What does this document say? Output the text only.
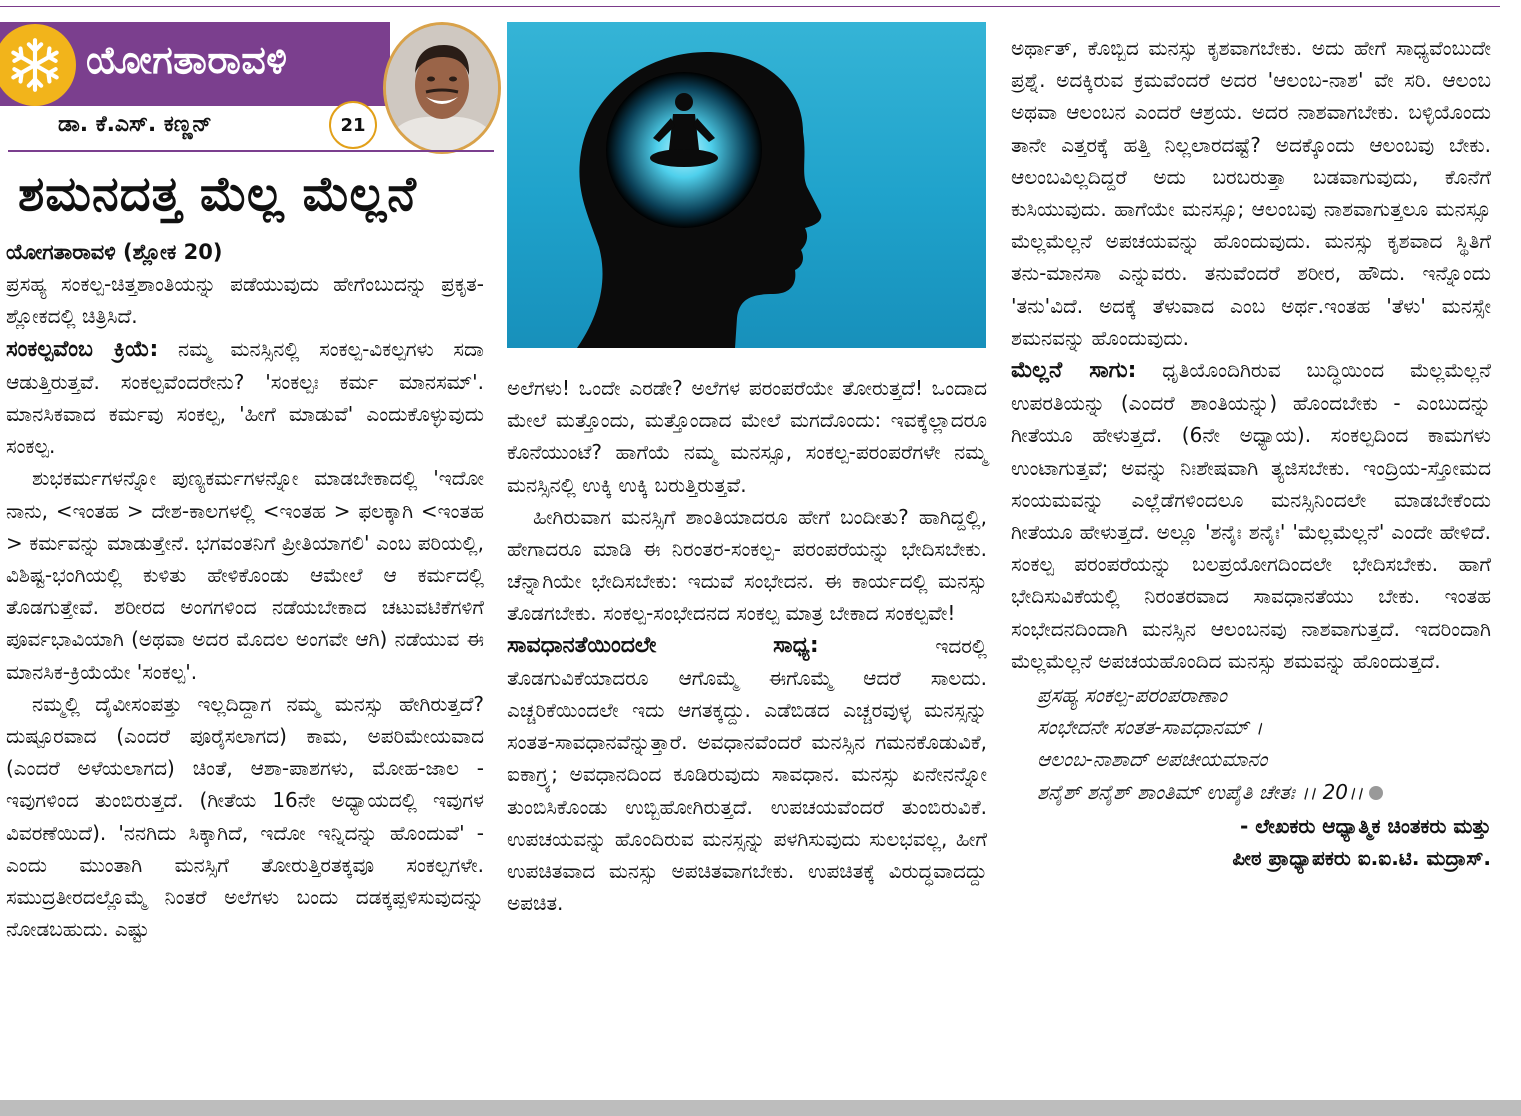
ಯೋಗತಾರಾವಳಿ
ಡಾ. ಕೆ.ಎಸ್. ಕಣ್ಣನ್	21
ಶಮನದತ್ತ ಮೆಲ್ಲ ಮೆಲ್ಲನೆ

ಯೋಗತಾರಾವಳಿ (ಶ್ಲೋಕ 20)

ಪ್ರಸಹ್ಯ ಸಂಕಲ್ಪ-ಚಿತ್ತಶಾಂತಿಯನ್ನು ಪಡೆಯುವುದು ಹೇಗೆಂಬುದನ್ನು ಪ್ರಕೃತ-ಶ್ಲೋಕದಲ್ಲಿ ಚಿತ್ರಿಸಿದೆ.

ಸಂಕಲ್ಪವೆಂಬ ಕ್ರಿಯೆ: ನಮ್ಮ ಮನಸ್ಸಿನಲ್ಲಿ ಸಂಕಲ್ಪ-ವಿಕಲ್ಪಗಳು ಸದಾ ಆಡುತ್ತಿರುತ್ತವೆ. ಸಂಕಲ್ಪವೆಂದರೇನು? 'ಸಂಕಲ್ಪಃ ಕರ್ಮ ಮಾನಸಮ್'. ಮಾನಸಿಕವಾದ ಕರ್ಮವು ಸಂಕಲ್ಪ, 'ಹೀಗೆ ಮಾಡುವೆ' ಎಂದುಕೊಳ್ಳುವುದು ಸಂಕಲ್ಪ.

ಶುಭಕರ್ಮಗಳನ್ನೋ ಪುಣ್ಯಕರ್ಮಗಳನ್ನೋ ಮಾಡಬೇಕಾದಲ್ಲಿ 'ಇದೋ ನಾನು, <ಇಂತಹ > ದೇಶ-ಕಾಲಗಳಲ್ಲಿ <ಇಂತಹ > ಫಲಕ್ಕಾಗಿ <ಇಂತಹ > ಕರ್ಮವನ್ನು ಮಾಡುತ್ತೇನೆ. ಭಗವಂತನಿಗೆ ಪ್ರೀತಿಯಾಗಲಿ' ಎಂಬ ಪರಿಯಲ್ಲಿ, ವಿಶಿಷ್ಟ-ಭಂಗಿಯಲ್ಲಿ ಕುಳಿತು ಹೇಳಿಕೊಂಡು ಆಮೇಲೆ ಆ ಕರ್ಮದಲ್ಲಿ ತೊಡಗುತ್ತೇವೆ. ಶರೀರದ ಅಂಗಗಳಿಂದ ನಡೆಯಬೇಕಾದ ಚಟುವಟಿಕೆಗಳಿಗೆ ಪೂರ್ವಭಾವಿಯಾಗಿ (ಅಥವಾ ಅದರ ಮೊದಲ ಅಂಗವೇ ಆಗಿ) ನಡೆಯುವ ಈ ಮಾನಸಿಕ-ಕ್ರಿಯೆಯೇ 'ಸಂಕಲ್ಪ'.

ನಮ್ಮಲ್ಲಿ ದೈವೀಸಂಪತ್ತು ಇಲ್ಲದಿದ್ದಾಗ ನಮ್ಮ ಮನಸ್ಸು ಹೇಗಿರುತ್ತದೆ? ದುಷ್ಪೂರವಾದ (ಎಂದರೆ ಪೂರೈಸಲಾಗದ) ಕಾಮ, ಅಪರಿಮೇಯವಾದ (ಎಂದರೆ ಅಳೆಯಲಾಗದ) ಚಿಂತೆ, ಆಶಾ-ಪಾಶಗಳು, ಮೋಹ-ಜಾಲ - ಇವುಗಳಿಂದ ತುಂಬಿರುತ್ತದೆ. (ಗೀತೆಯ 16ನೇ ಅಧ್ಯಾಯದಲ್ಲಿ ಇವುಗಳ ವಿವರಣೆಯಿದೆ). 'ನನಗಿದು ಸಿಕ್ಕಾಗಿದೆ, ಇದೋ ಇನ್ನಿದನ್ನು ಹೊಂದುವೆ' - ಎಂದು ಮುಂತಾಗಿ ಮನಸ್ಸಿಗೆ ತೋರುತ್ತಿರತಕ್ಕವೂ ಸಂಕಲ್ಪಗಳೇ. ಸಮುದ್ರತೀರದಲ್ಲೊಮ್ಮೆ ನಿಂತರೆ ಅಲೆಗಳು ಬಂದು ದಡಕ್ಕಪ್ಪಳಿಸುವುದನ್ನು ನೋಡಬಹುದು. ಎಷ್ಟು

ಅಲೆಗಳು! ಒಂದೇ ಎರಡೇ? ಅಲೆಗಳ ಪರಂಪರೆಯೇ ತೋರುತ್ತದೆ! ಒಂದಾದ ಮೇಲೆ ಮತ್ತೊಂದು, ಮತ್ತೊಂದಾದ ಮೇಲೆ ಮಗದೊಂದು: ಇವಕ್ಕೆಲ್ಲಾದರೂ ಕೊನೆಯುಂಟೆ? ಹಾಗೆಯೆ ನಮ್ಮ ಮನಸ್ಸೂ, ಸಂಕಲ್ಪ-ಪರಂಪರೆಗಳೇ ನಮ್ಮ ಮನಸ್ಸಿನಲ್ಲಿ ಉಕ್ಕಿ ಉಕ್ಕಿ ಬರುತ್ತಿರುತ್ತವೆ.

ಹೀಗಿರುವಾಗ ಮನಸ್ಸಿಗೆ ಶಾಂತಿಯಾದರೂ ಹೇಗೆ ಬಂದೀತು? ಹಾಗಿದ್ದಲ್ಲಿ, ಹೇಗಾದರೂ ಮಾಡಿ ಈ ನಿರಂತರ-ಸಂಕಲ್ಪ- ಪರಂಪರೆಯನ್ನು ಭೇದಿಸಬೇಕು. ಚೆನ್ನಾಗಿಯೇ ಭೇದಿಸಬೇಕು: ಇದುವೆ ಸಂಭೇದನ. ಈ ಕಾರ್ಯದಲ್ಲಿ ಮನಸ್ಸು ತೊಡಗಬೇಕು. ಸಂಕಲ್ಪ-ಸಂಭೇದನದ ಸಂಕಲ್ಪ ಮಾತ್ರ ಬೇಕಾದ ಸಂಕಲ್ಪವೇ!

ಸಾವಧಾನತೆಯಿಂದಲೇ	ಸಾಧ್ಯ:	ಇದರಲ್ಲಿ

ತೊಡಗುವಿಕೆಯಾದರೂ ಆಗೊಮ್ಮೆ ಈಗೊಮ್ಮೆ ಆದರೆ ಸಾಲದು. ಎಚ್ಚರಿಕೆಯಿಂದಲೇ ಇದು ಆಗತಕ್ಕದ್ದು. ಎಡೆಬಿಡದ ಎಚ್ಚರವುಳ್ಳ ಮನಸ್ಸನ್ನು ಸಂತತ-ಸಾವಧಾನವೆನ್ನುತ್ತಾರೆ. ಅವಧಾನವೆಂದರೆ ಮನಸ್ಸಿನ ಗಮನಕೊಡುವಿಕೆ, ಐಕಾಗ್ರ್ಯ; ಅವಧಾನದಿಂದ ಕೂಡಿರುವುದು ಸಾವಧಾನ. ಮನಸ್ಸು ಏನೇನನ್ನೋ ತುಂಬಿಸಿಕೊಂಡು ಉಬ್ಬಿಹೋಗಿರುತ್ತದೆ. ಉಪಚಯವೆಂದರೆ ತುಂಬಿರುವಿಕೆ. ಉಪಚಯವನ್ನು ಹೊಂದಿರುವ ಮನಸ್ಸನ್ನು ಪಳಗಿಸುವುದು ಸುಲಭವಲ್ಲ, ಹೀಗೆ ಉಪಚಿತವಾದ ಮನಸ್ಸು ಅಪಚಿತವಾಗಬೇಕು. ಉಪಚಿತಕ್ಕೆ ವಿರುದ್ಧವಾದದ್ದು ಅಪಚಿತ.

ಅರ್ಥಾತ್, ಕೊಬ್ಬಿದ ಮನಸ್ಸು ಕೃಶವಾಗಬೇಕು. ಅದು ಹೇಗೆ ಸಾಧ್ಯವೆಂಬುದೇ ಪ್ರಶ್ನೆ. ಅದಕ್ಕಿರುವ ಕ್ರಮವೆಂದರೆ ಅದರ 'ಆಲಂಬ-ನಾಶ' ವೇ ಸರಿ. ಆಲಂಬ ಅಥವಾ ಆಲಂಬನ ಎಂದರೆ ಆಶ್ರಯ. ಅದರ ನಾಶವಾಗಬೇಕು. ಬಳ್ಳಿಯೊಂದು ತಾನೇ ಎತ್ತರಕ್ಕೆ ಹತ್ತಿ ನಿಲ್ಲಲಾರದಷ್ಟೆ? ಅದಕ್ಕೊಂದು ಆಲಂಬವು ಬೇಕು. ಆಲಂಬವಿಲ್ಲದಿದ್ದರೆ ಅದು ಬರಬರುತ್ತಾ ಬಡವಾಗುವುದು, ಕೊನೆಗೆ ಕುಸಿಯುವುದು. ಹಾಗೆಯೇ ಮನಸ್ಸೂ; ಆಲಂಬವು ನಾಶವಾಗುತ್ತಲೂ ಮನಸ್ಸೂ ಮೆಲ್ಲಮೆಲ್ಲನೆ ಅಪಚಯವನ್ನು ಹೊಂದುವುದು. ಮನಸ್ಸು ಕೃಶವಾದ ಸ್ಥಿತಿಗೆ ತನು-ಮಾನಸಾ ಎನ್ನುವರು. ತನುವೆಂದರೆ ಶರೀರ, ಹೌದು. ಇನ್ನೊಂದು 'ತನು'ವಿದೆ. ಅದಕ್ಕೆ ತೆಳುವಾದ ಎಂಬ ಅರ್ಥ.ಇಂತಹ 'ತೆಳು' ಮನಸ್ಸೇ ಶಮನವನ್ನು ಹೊಂದುವುದು.

ಮೆಲ್ಲನೆ ಸಾಗು: ಧೃತಿಯೊಂದಿಗಿರುವ ಬುದ್ಧಿಯಿಂದ ಮೆಲ್ಲಮೆಲ್ಲನೆ ಉಪರತಿಯನ್ನು (ಎಂದರೆ ಶಾಂತಿಯನ್ನು) ಹೊಂದಬೇಕು - ಎಂಬುದನ್ನು ಗೀತೆಯೂ ಹೇಳುತ್ತದೆ. (6ನೇ ಅಧ್ಯಾಯ). ಸಂಕಲ್ಪದಿಂದ ಕಾಮಗಳು ಉಂಟಾಗುತ್ತವೆ; ಅವನ್ನು ನಿಃಶೇಷವಾಗಿ ತ್ಯಜಿಸಬೇಕು. ಇಂದ್ರಿಯ-ಸ್ತೋಮದ ಸಂಯಮವನ್ನು ಎಲ್ಲೆಡೆಗಳಿಂದಲೂ ಮನಸ್ಸಿನಿಂದಲೇ ಮಾಡಬೇಕೆಂದು ಗೀತೆಯೂ ಹೇಳುತ್ತದೆ. ಅಲ್ಲೂ 'ಶನೈಃ ಶನೈಃ' 'ಮೆಲ್ಲಮೆಲ್ಲನೆ' ಎಂದೇ ಹೇಳಿದೆ. ಸಂಕಲ್ಪ ಪರಂಪರೆಯನ್ನು ಬಲಪ್ರಯೋಗದಿಂದಲೇ ಭೇದಿಸಬೇಕು. ಹಾಗೆ ಭೇದಿಸುವಿಕೆಯಲ್ಲಿ ನಿರಂತರವಾದ ಸಾವಧಾನತೆಯು ಬೇಕು. ಇಂತಹ ಸಂಭೇದನದಿಂದಾಗಿ ಮನಸ್ಸಿನ ಆಲಂಬನವು ನಾಶವಾಗುತ್ತದೆ. ಇದರಿಂದಾಗಿ ಮೆಲ್ಲಮೆಲ್ಲನೆ ಅಪಚಯಹೊಂದಿದ ಮನಸ್ಸು ಶಮವನ್ನು ಹೊಂದುತ್ತದೆ.

ಪ್ರಸಹ್ಯ ಸಂಕಲ್ಪ-ಪರಂಪರಾಣಾಂ
ಸಂಭೇದನೇ ಸಂತತ-ಸಾವಧಾನಮ್ ।
ಆಲಂಬ-ನಾಶಾದ್ ಅಪಚೀಯಮಾನಂ
ಶನೈಶ್ ಶನೈಶ್ ಶಾಂತಿಮ್ ಉಪೈತಿ ಚೇತಃ ।। 20।।

- ಲೇಖಕರು ಆಧ್ಯಾತ್ಮಿಕ ಚಿಂತಕರು ಮತ್ತು
ಪೀಠ ಪ್ರಾಧ್ಯಾಪಕರು ಐ.ಐ.ಟಿ. ಮದ್ರಾಸ್.
